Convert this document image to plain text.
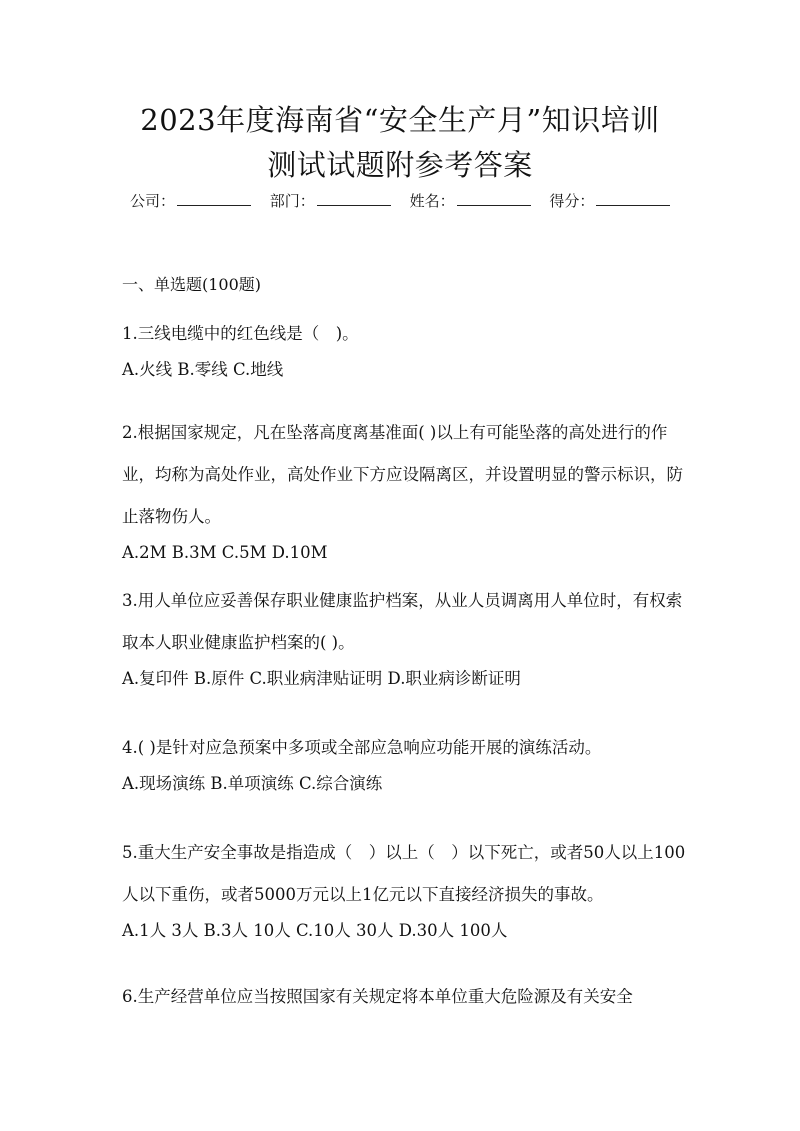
2023年度海南省“安全生产月”知识培训
测试试题附参考答案
公司：	部门：	姓名：	得分：
一、单选题(100题)
1.三线电缆中的红色线是（　)。
A.火线 B.零线 C.地线
2.根据国家规定，凡在坠落高度离基准面( )以上有可能坠落的高处进行的作业，均称为高处作业，高处作业下方应设隔离区，并设置明显的警示标识，防止落物伤人。
A.2M B.3M C.5M D.10M
3.用人单位应妥善保存职业健康监护档案，从业人员调离用人单位时，有权索取本人职业健康监护档案的( )。
A.复印件 B.原件 C.职业病津贴证明 D.职业病诊断证明
4.( )是针对应急预案中多项或全部应急响应功能开展的演练活动。
A.现场演练 B.单项演练 C.综合演练
5.重大生产安全事故是指造成（　）以上（　）以下死亡，或者50人以上100人以下重伤，或者5000万元以上1亿元以下直接经济损失的事故。
A.1人 3人 B.3人 10人 C.10人 30人 D.30人 100人
6.生产经营单位应当按照国家有关规定将本单位重大危险源及有关安全
